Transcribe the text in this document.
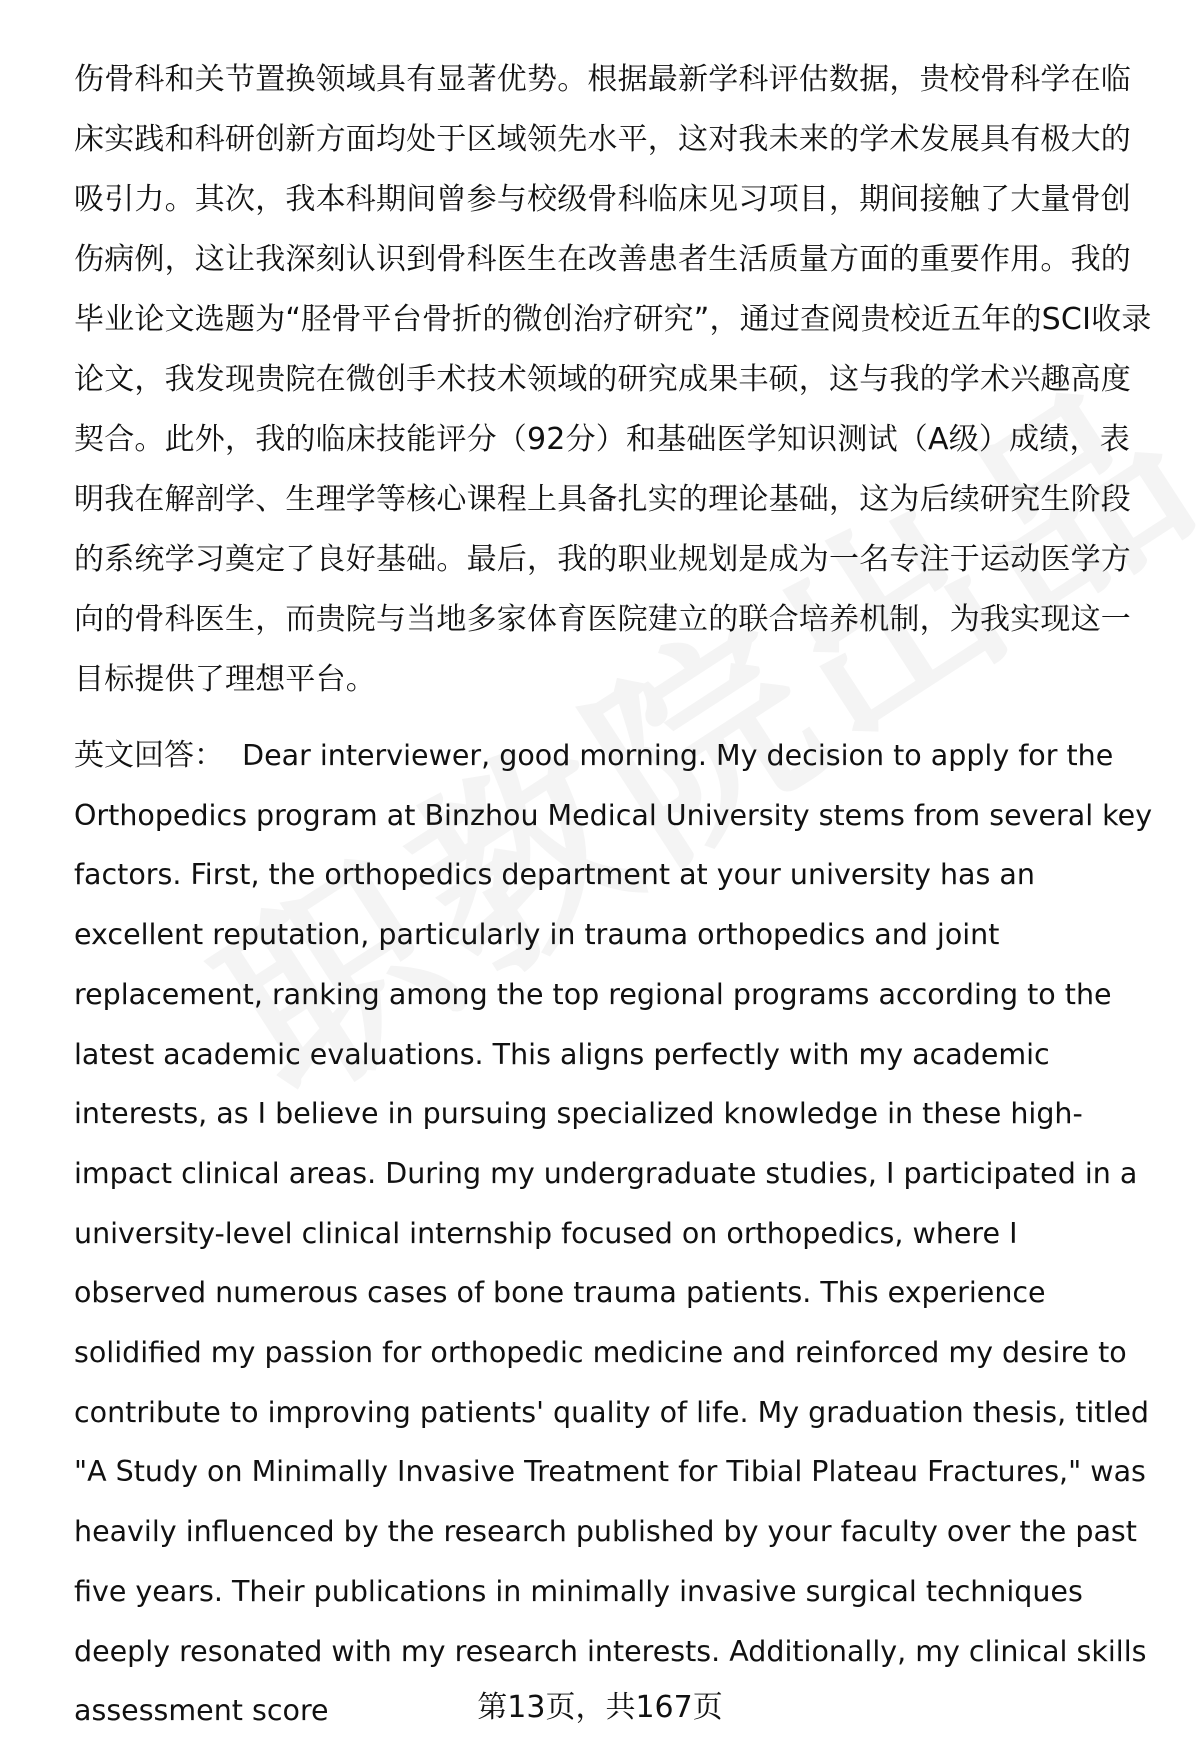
伤骨科和关节置换领域具有显著优势。根据最新学科评估数据，贵校骨科学在临床实践和科研创新方面均处于区域领先水平，这对我未来的学术发展具有极大的吸引力。其次，我本科期间曾参与校级骨科临床见习项目，期间接触了大量骨创伤病例，这让我深刻认识到骨科医生在改善患者生活质量方面的重要作用。我的毕业论文选题为“胫骨平台骨折的微创治疗研究”，通过查阅贵校近五年的SCI收录论文，我发现贵院在微创手术技术领域的研究成果丰硕，这与我的学术兴趣高度契合。此外，我的临床技能评分（92分）和基础医学知识测试（A级）成绩，表明我在解剖学、生理学等核心课程上具备扎实的理论基础，这为后续研究生阶段的系统学习奠定了良好基础。最后，我的职业规划是成为一名专注于运动医学方向的骨科医生，而贵院与当地多家体育医院建立的联合培养机制，为我实现这一目标提供了理想平台。

英文回答： Dear interviewer, good morning. My decision to apply for the Orthopedics program at Binzhou Medical University stems from several key factors. First, the orthopedics department at your university has an excellent reputation, particularly in trauma orthopedics and joint replacement, ranking among the top regional programs according to the latest academic evaluations. This aligns perfectly with my academic interests, as I believe in pursuing specialized knowledge in these high-impact clinical areas. During my undergraduate studies, I participated in a university-level clinical internship focused on orthopedics, where I observed numerous cases of bone trauma patients. This experience solidified my passion for orthopedic medicine and reinforced my desire to contribute to improving patients' quality of life. My graduation thesis, titled "A Study on Minimally Invasive Treatment for Tibial Plateau Fractures," was heavily influenced by the research published by your faculty over the past five years. Their publications in minimally invasive surgical techniques deeply resonated with my research interests. Additionally, my clinical skills assessment score	第13页，共167页
